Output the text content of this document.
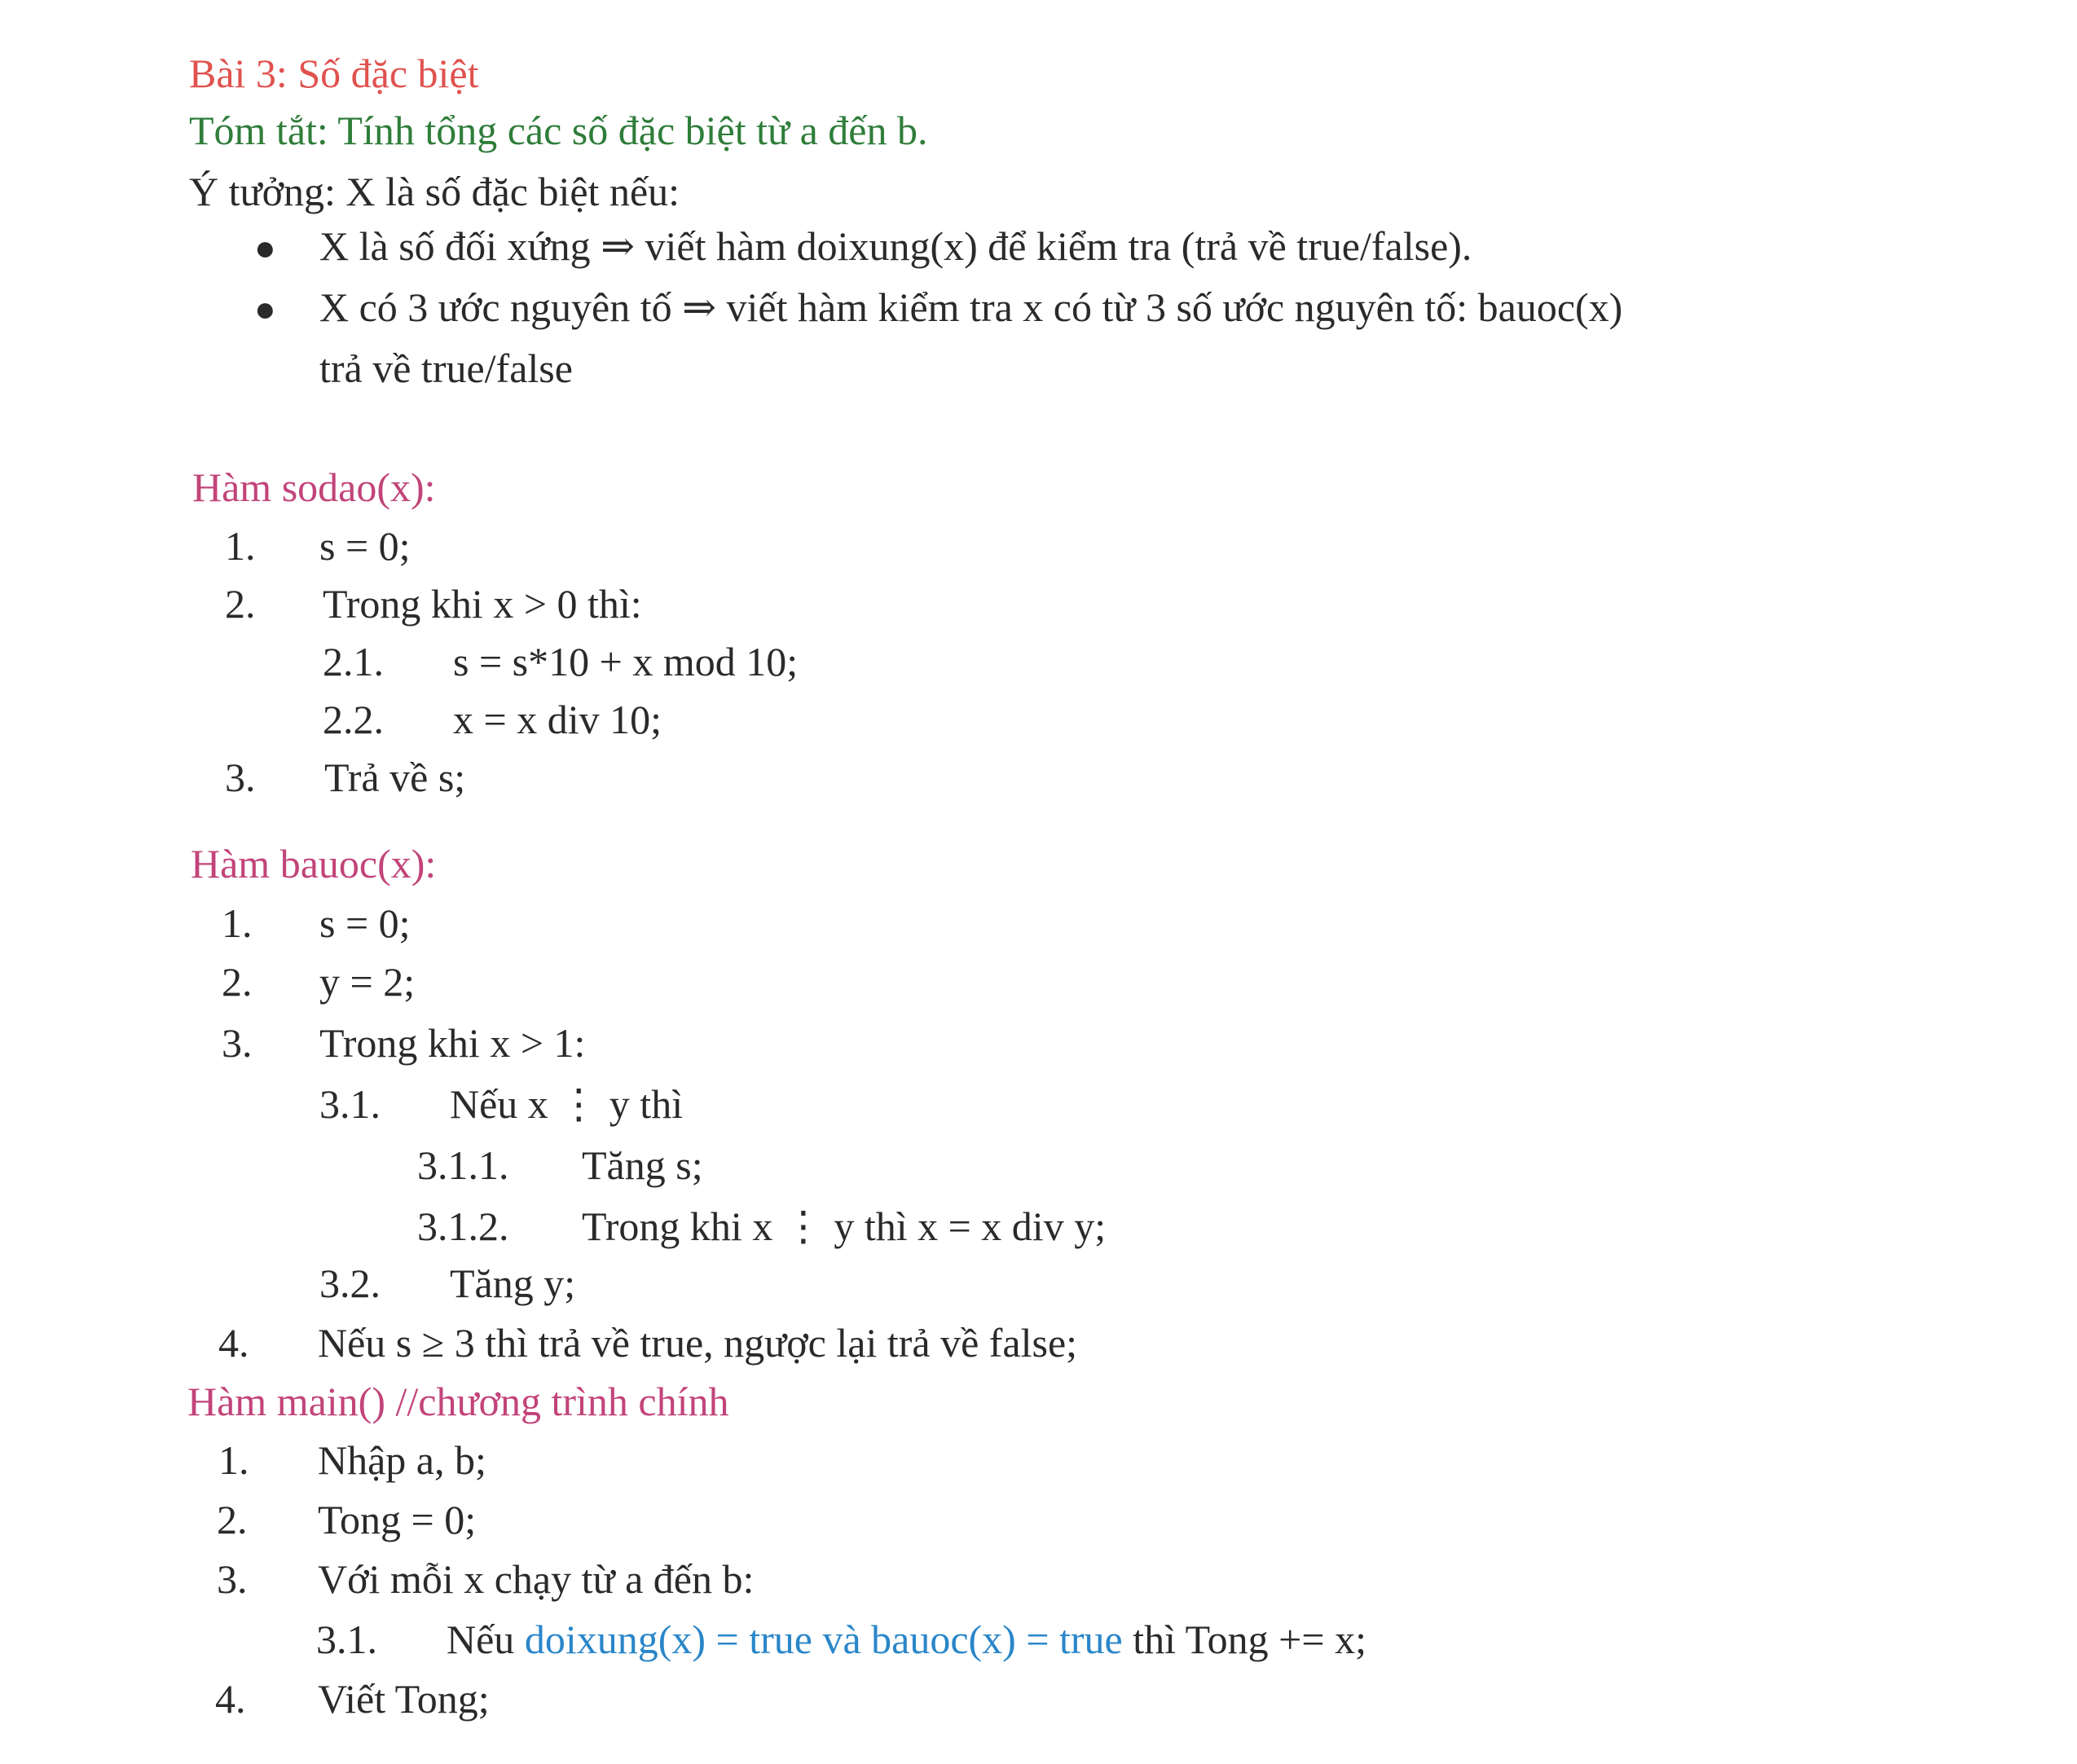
Bài 3: Số đặc biệt
Tóm tắt: Tính tổng các số đặc biệt từ a đến b.
Ý tưởng: X là số đặc biệt nếu:
● X là số đối xứng ⇒ viết hàm doixung(x) để kiểm tra (trả về true/false).
● X có 3 ước nguyên tố ⇒ viết hàm kiểm tra x có từ 3 số ước nguyên tố: bauoc(x)
trả về true/false
Hàm sodao(x):
1. s = 0;
2. Trong khi x > 0 thì:
2.1. s = s*10 + x mod 10;
2.2. x = x div 10;
3. Trả về s;
Hàm bauoc(x):
1. s = 0;
2. y = 2;
3. Trong khi x > 1:
3.1. Nếu x ⋮ y thì
3.1.1. Tăng s;
3.1.2. Trong khi x ⋮ y thì x = x div y;
3.2. Tăng y;
4. Nếu s ≥ 3 thì trả về true, ngược lại trả về false;
Hàm main() //chương trình chính
1. Nhập a, b;
2. Tong = 0;
3. Với mỗi x chạy từ a đến b:
3.1. Nếu doixung(x) = true và bauoc(x) = true thì Tong += x;
4. Viết Tong;
